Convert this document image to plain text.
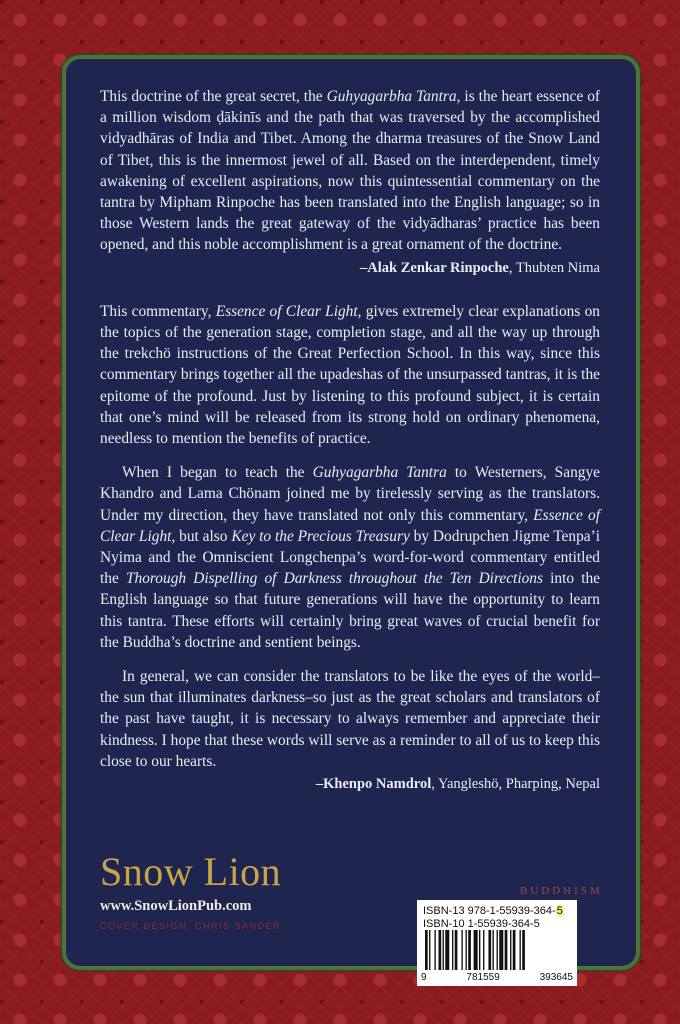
This doctrine of the great secret, the Guhyagarbha Tantra, is the heart essence of a million wisdom ḍākinīs and the path that was traversed by the accomplished vidyadhāras of India and Tibet. Among the dharma treasures of the Snow Land of Tibet, this is the innermost jewel of all. Based on the interdependent, timely awakening of excellent aspirations, now this quintessential commentary on the tantra by Mipham Rinpoche has been translated into the English language; so in those Western lands the great gateway of the vidyādharas’ practice has been opened, and this noble accomplishment is a great ornament of the doctrine.

–Alak Zenkar Rinpoche, Thubten Nima

This commentary, Essence of Clear Light, gives extremely clear explanations on the topics of the generation stage, completion stage, and all the way up through the trekchö instructions of the Great Perfection School. In this way, since this commentary brings together all the upadeshas of the unsurpassed tantras, it is the epitome of the profound. Just by listening to this profound subject, it is certain that one’s mind will be released from its strong hold on ordinary phenomena, needless to mention the benefits of practice.

When I began to teach the Guhyagarbha Tantra to Westerners, Sangye Khandro and Lama Chönam joined me by tirelessly serving as the translators. Under my direction, they have translated not only this commentary, Essence of Clear Light, but also Key to the Precious Treasury by Dodrupchen Jigme Tenpa’i Nyima and the Omniscient Longchenpa’s word-for-word commentary entitled the Thorough Dispelling of Darkness throughout the Ten Directions into the English language so that future generations will have the opportunity to learn this tantra. These efforts will certainly bring great waves of crucial benefit for the Buddha’s doctrine and sentient beings.

In general, we can consider the translators to be like the eyes of the world–the sun that illuminates darkness–so just as the great scholars and translators of the past have taught, it is necessary to always remember and appreciate their kindness. I hope that these words will serve as a reminder to all of us to keep this close to our hearts.

–Khenpo Namdrol, Yangleshö, Pharping, Nepal
Snow Lion
www.SnowLionPub.com
COVER DESIGN: CHRIS SANDER
BUDDHISM
ISBN-13 978-1-55939-364-5
ISBN-10 1-55939-364-5
9	781559	393645
